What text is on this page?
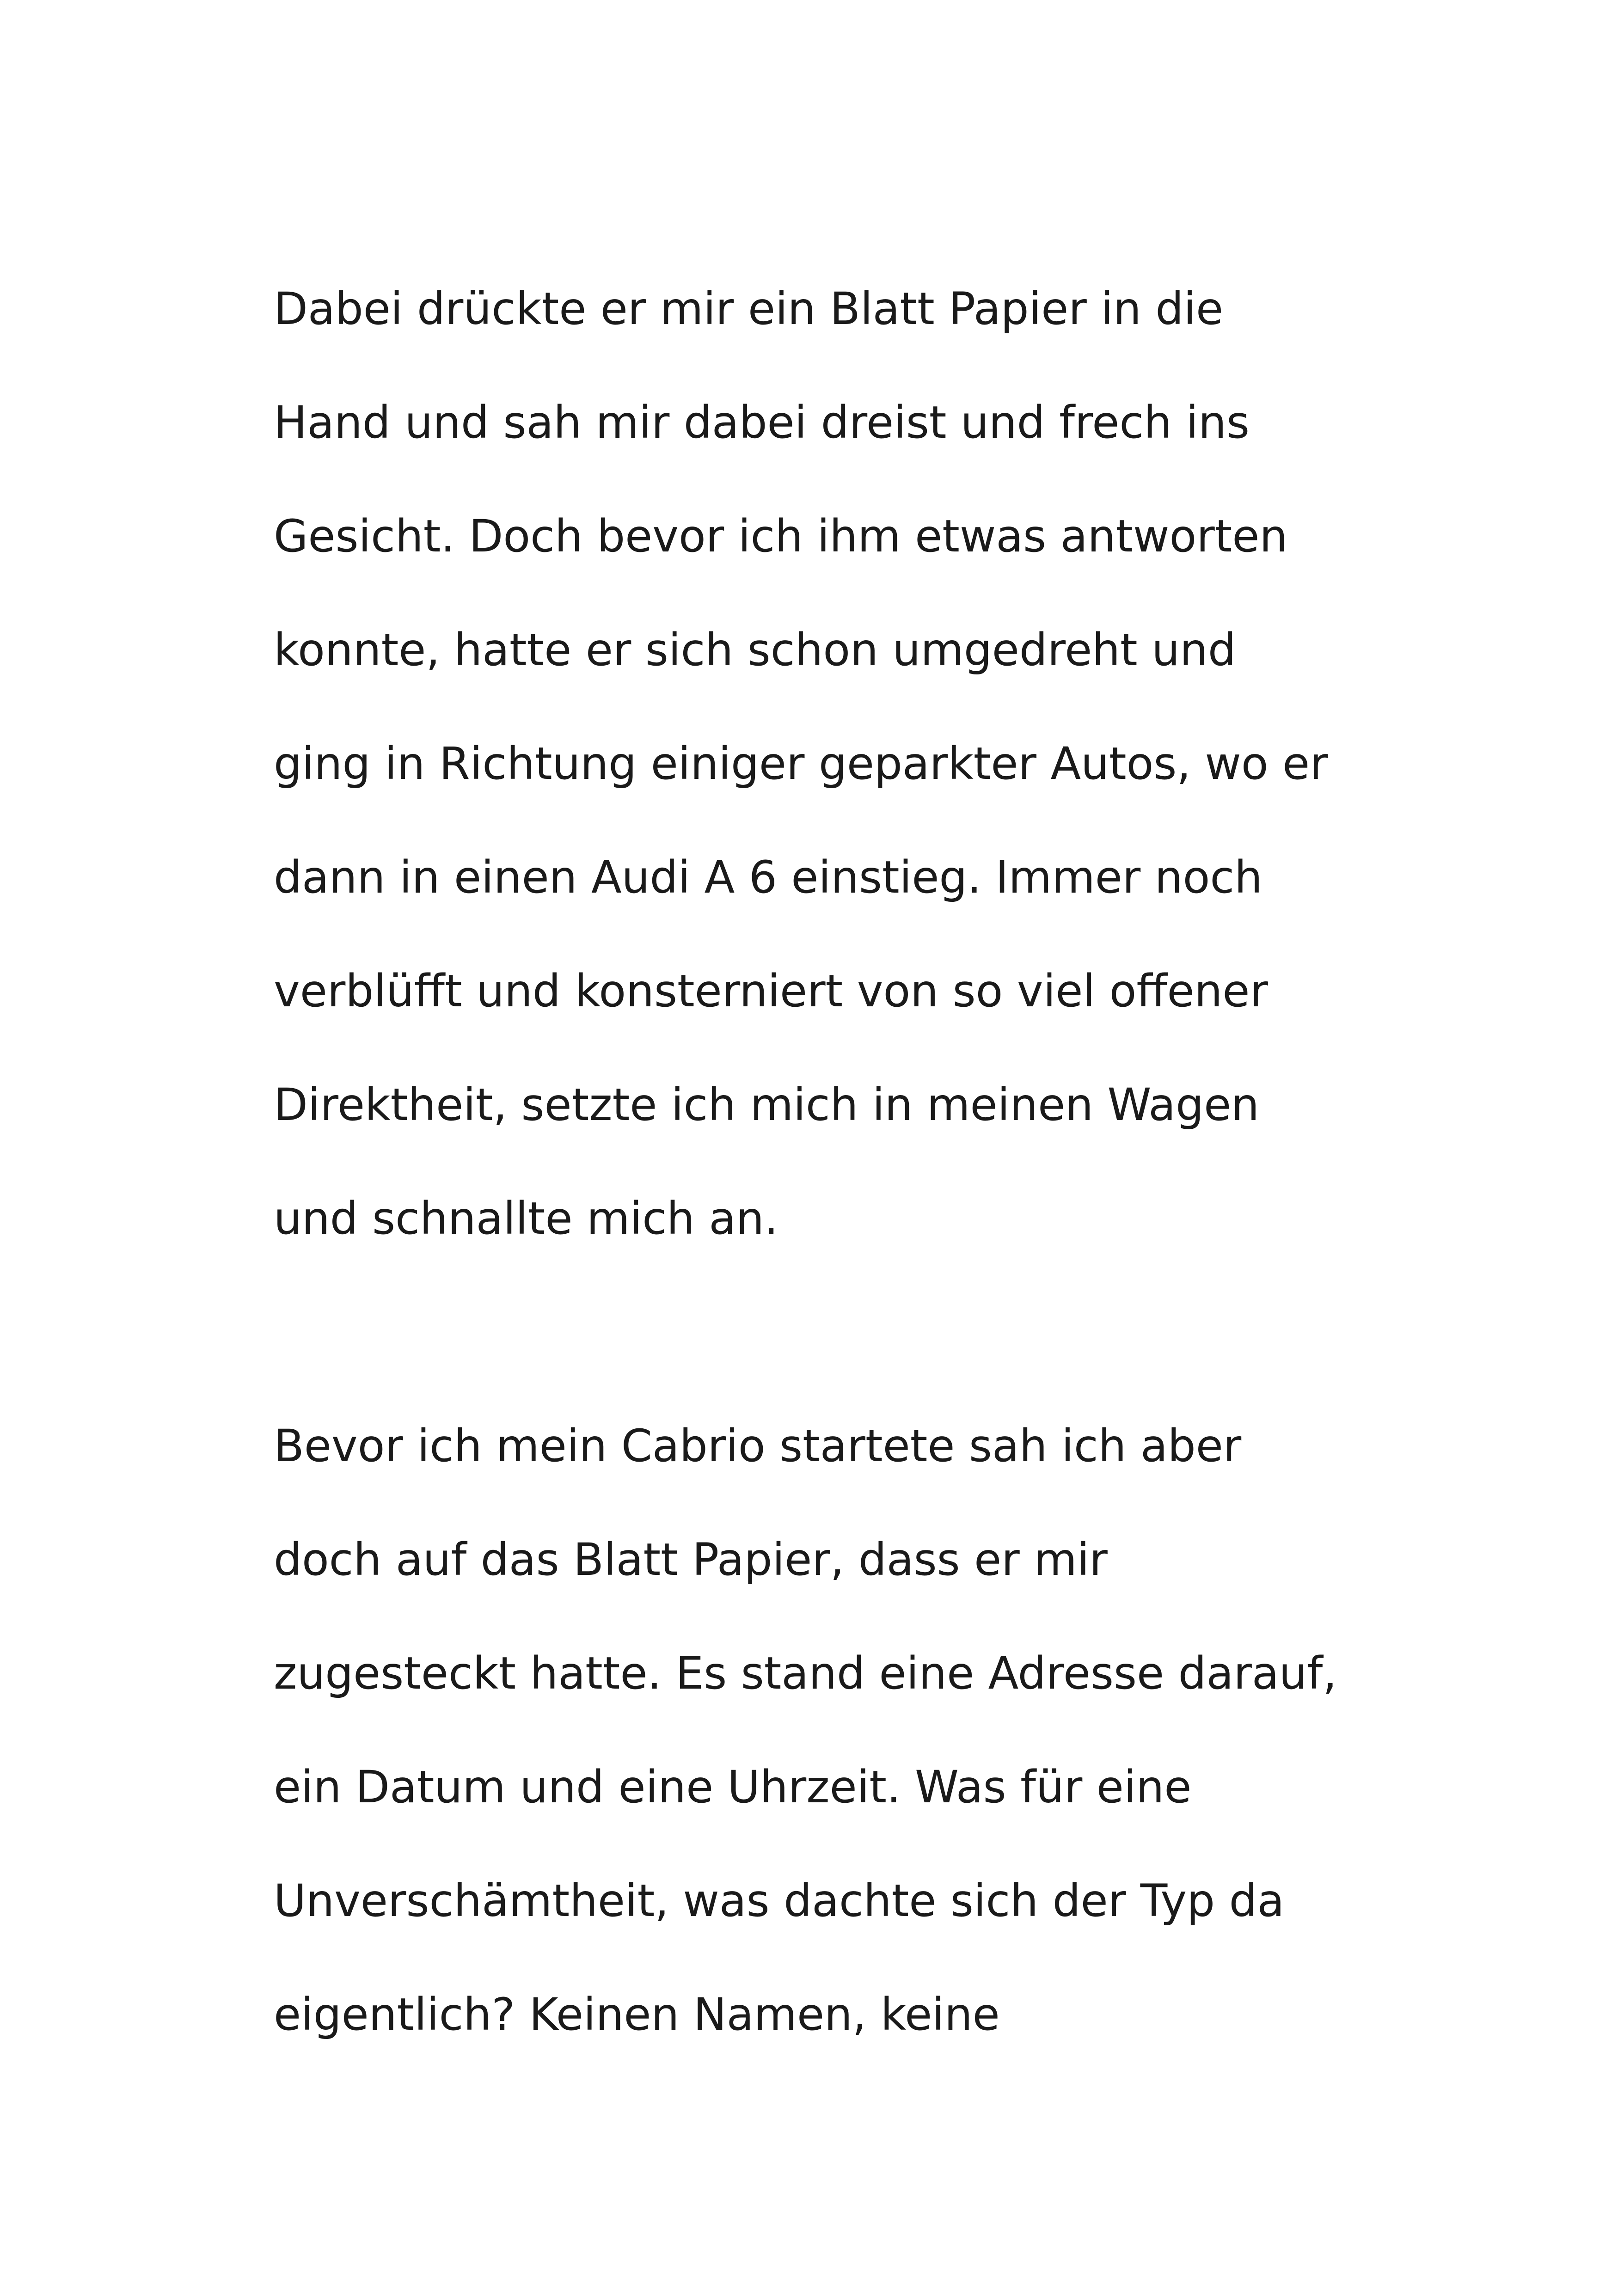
Dabei drückte er mir ein Blatt Papier in die

Hand und sah mir dabei dreist und frech ins

Gesicht. Doch bevor ich ihm etwas antworten

konnte, hatte er sich schon umgedreht und

ging in Richtung einiger geparkter Autos, wo er

dann in einen Audi A 6 einstieg. Immer noch

verblüfft und konsterniert von so viel offener

Direktheit, setzte ich mich in meinen Wagen

und schnallte mich an.

Bevor ich mein Cabrio startete sah ich aber

doch auf das Blatt Papier, dass er mir

zugesteckt hatte. Es stand eine Adresse darauf,

ein Datum und eine Uhrzeit. Was für eine

Unverschämtheit, was dachte sich der Typ da

eigentlich? Keinen Namen, keine
